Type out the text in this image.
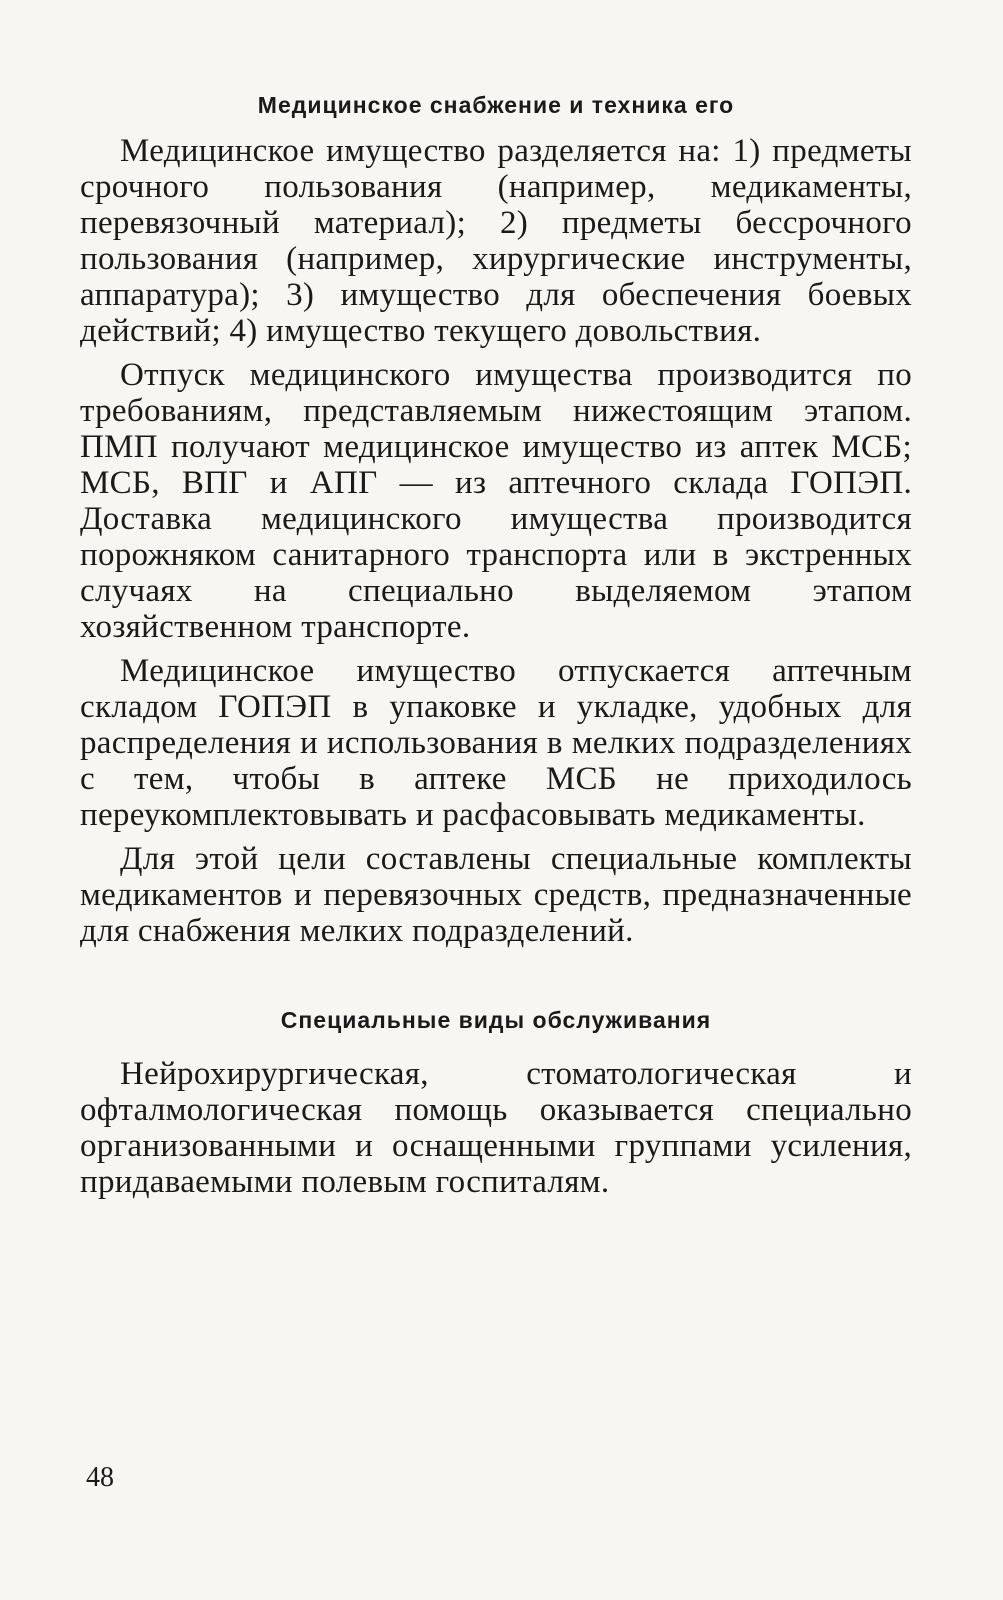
Медицинское снабжение и техника его

Медицинское имущество разделяется на: 1) предметы срочного пользования (например, медикаменты, перевязочный материал); 2) предметы бессрочного пользования (например, хирургические инструменты, аппаратура); 3) имущество для обеспечения боевых действий; 4) имущество текущего довольствия.

Отпуск медицинского имущества производится по требованиям, представляемым нижестоящим этапом. ПМП получают медицинское имущество из аптек МСБ; МСБ, ВПГ и АПГ — из аптечного склада ГОПЭП. Доставка медицинского имущества производится порожняком санитарного транспорта или в экстренных случаях на специально выделяемом этапом хозяйственном транспорте.

Медицинское имущество отпускается аптечным складом ГОПЭП в упаковке и укладке, удобных для распределения и использования в мелких подразделениях с тем, чтобы в аптеке МСБ не приходилось переукомплектовывать и расфасовывать медикаменты.

Для этой цели составлены специальные комплекты медикаментов и перевязочных средств, предназначенные для снабжения мелких подразделений.

Специальные виды обслуживания

Нейрохирургическая, стоматологическая и офталмологическая помощь оказывается специально организованными и оснащенными группами усиления, придаваемыми полевым госпиталям.

48
